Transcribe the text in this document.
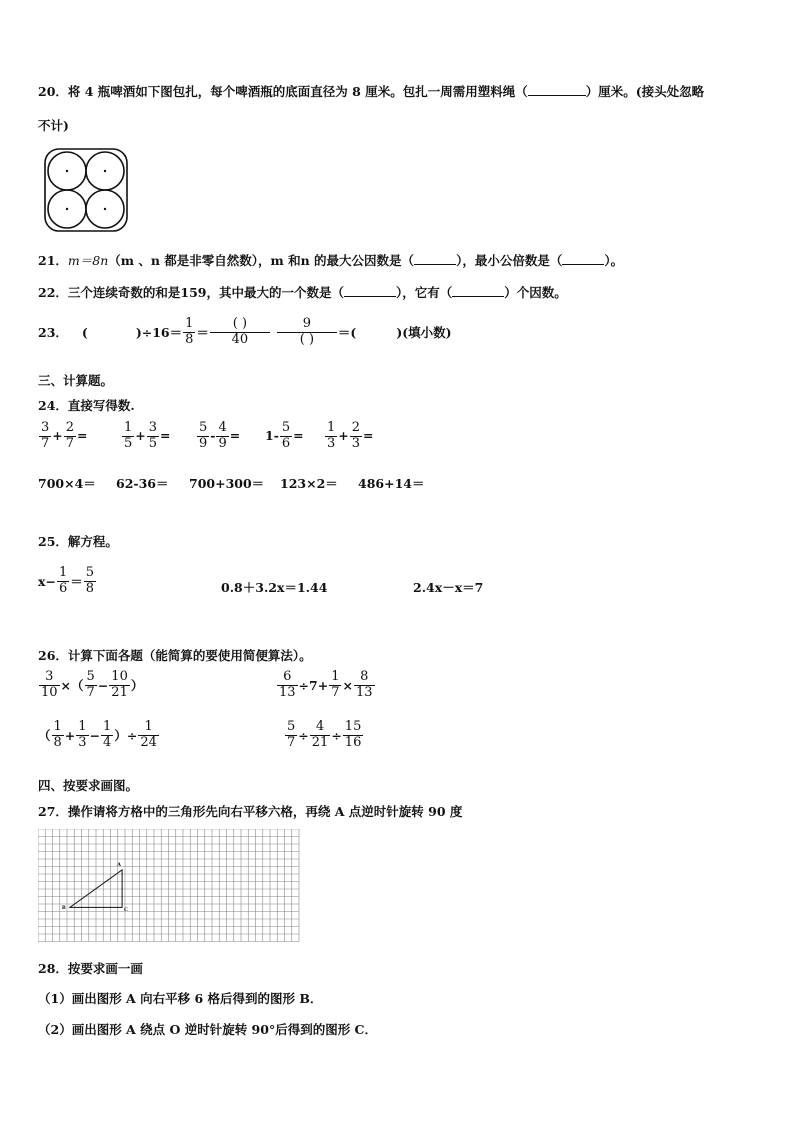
20．将 4 瓶啤酒如下图包扎，每个啤酒瓶的底面直径为 8 厘米。包扎一周需用塑料绳（	）厘米。(接头处忽略
不计)
21．m＝8n（m 、n 都是非零自然数），m 和n 的最大公因数是（	），最小公倍数是（	）。
22．三个连续奇数的和是159，其中最大的一个数是（	），它有（	）个因数。
23． (	)$\div 16= \frac{1}{8} = \frac{( )}{40} \frac{9}{( )}$ ＝(	)(填小数)
三、计算题。
24．直接写得数.
$\frac{3}{7} + \frac{2}{7}$ =	$\frac{1}{5} + \frac{3}{5} = \frac{5}{9} - \frac{4}{9} = 1- \frac{5}{6} = \frac{1}{3} + \frac{2}{3}$ =
700×4＝ 62-36＝ 700+300＝ 123×2＝ 486+14＝
25．解方程。
$x- \frac{1}{6} = \frac{5}{8}$	0.8＋3.2x＝1.44	2.4x－x＝7
26．计算下面各题（能简算的要使用简便算法）。
$\frac{3}{10}$ ×（ $\frac{5}{7} - \frac{10}{21}$ ）	$\frac{6}{13} \div 7+ \frac{1}{7} \times \frac{8}{13}$
（ $\frac{1}{8} + \frac{1}{3} - \frac{1}{4}$ ）÷ $\frac{1}{24}$	$\frac{5}{7} \div \frac{4}{21} \div \frac{15}{16}$
四、按要求画图。
27．操作请将方格中的三角形先向右平移六格，再绕 A 点逆时针旋转 90 度
A
B	C
28．按要求画一画
（1）画出图形 A 向右平移 6 格后得到的图形 B．
（2）画出图形 A 绕点 O 逆时针旋转 90°后得到的图形 C．
